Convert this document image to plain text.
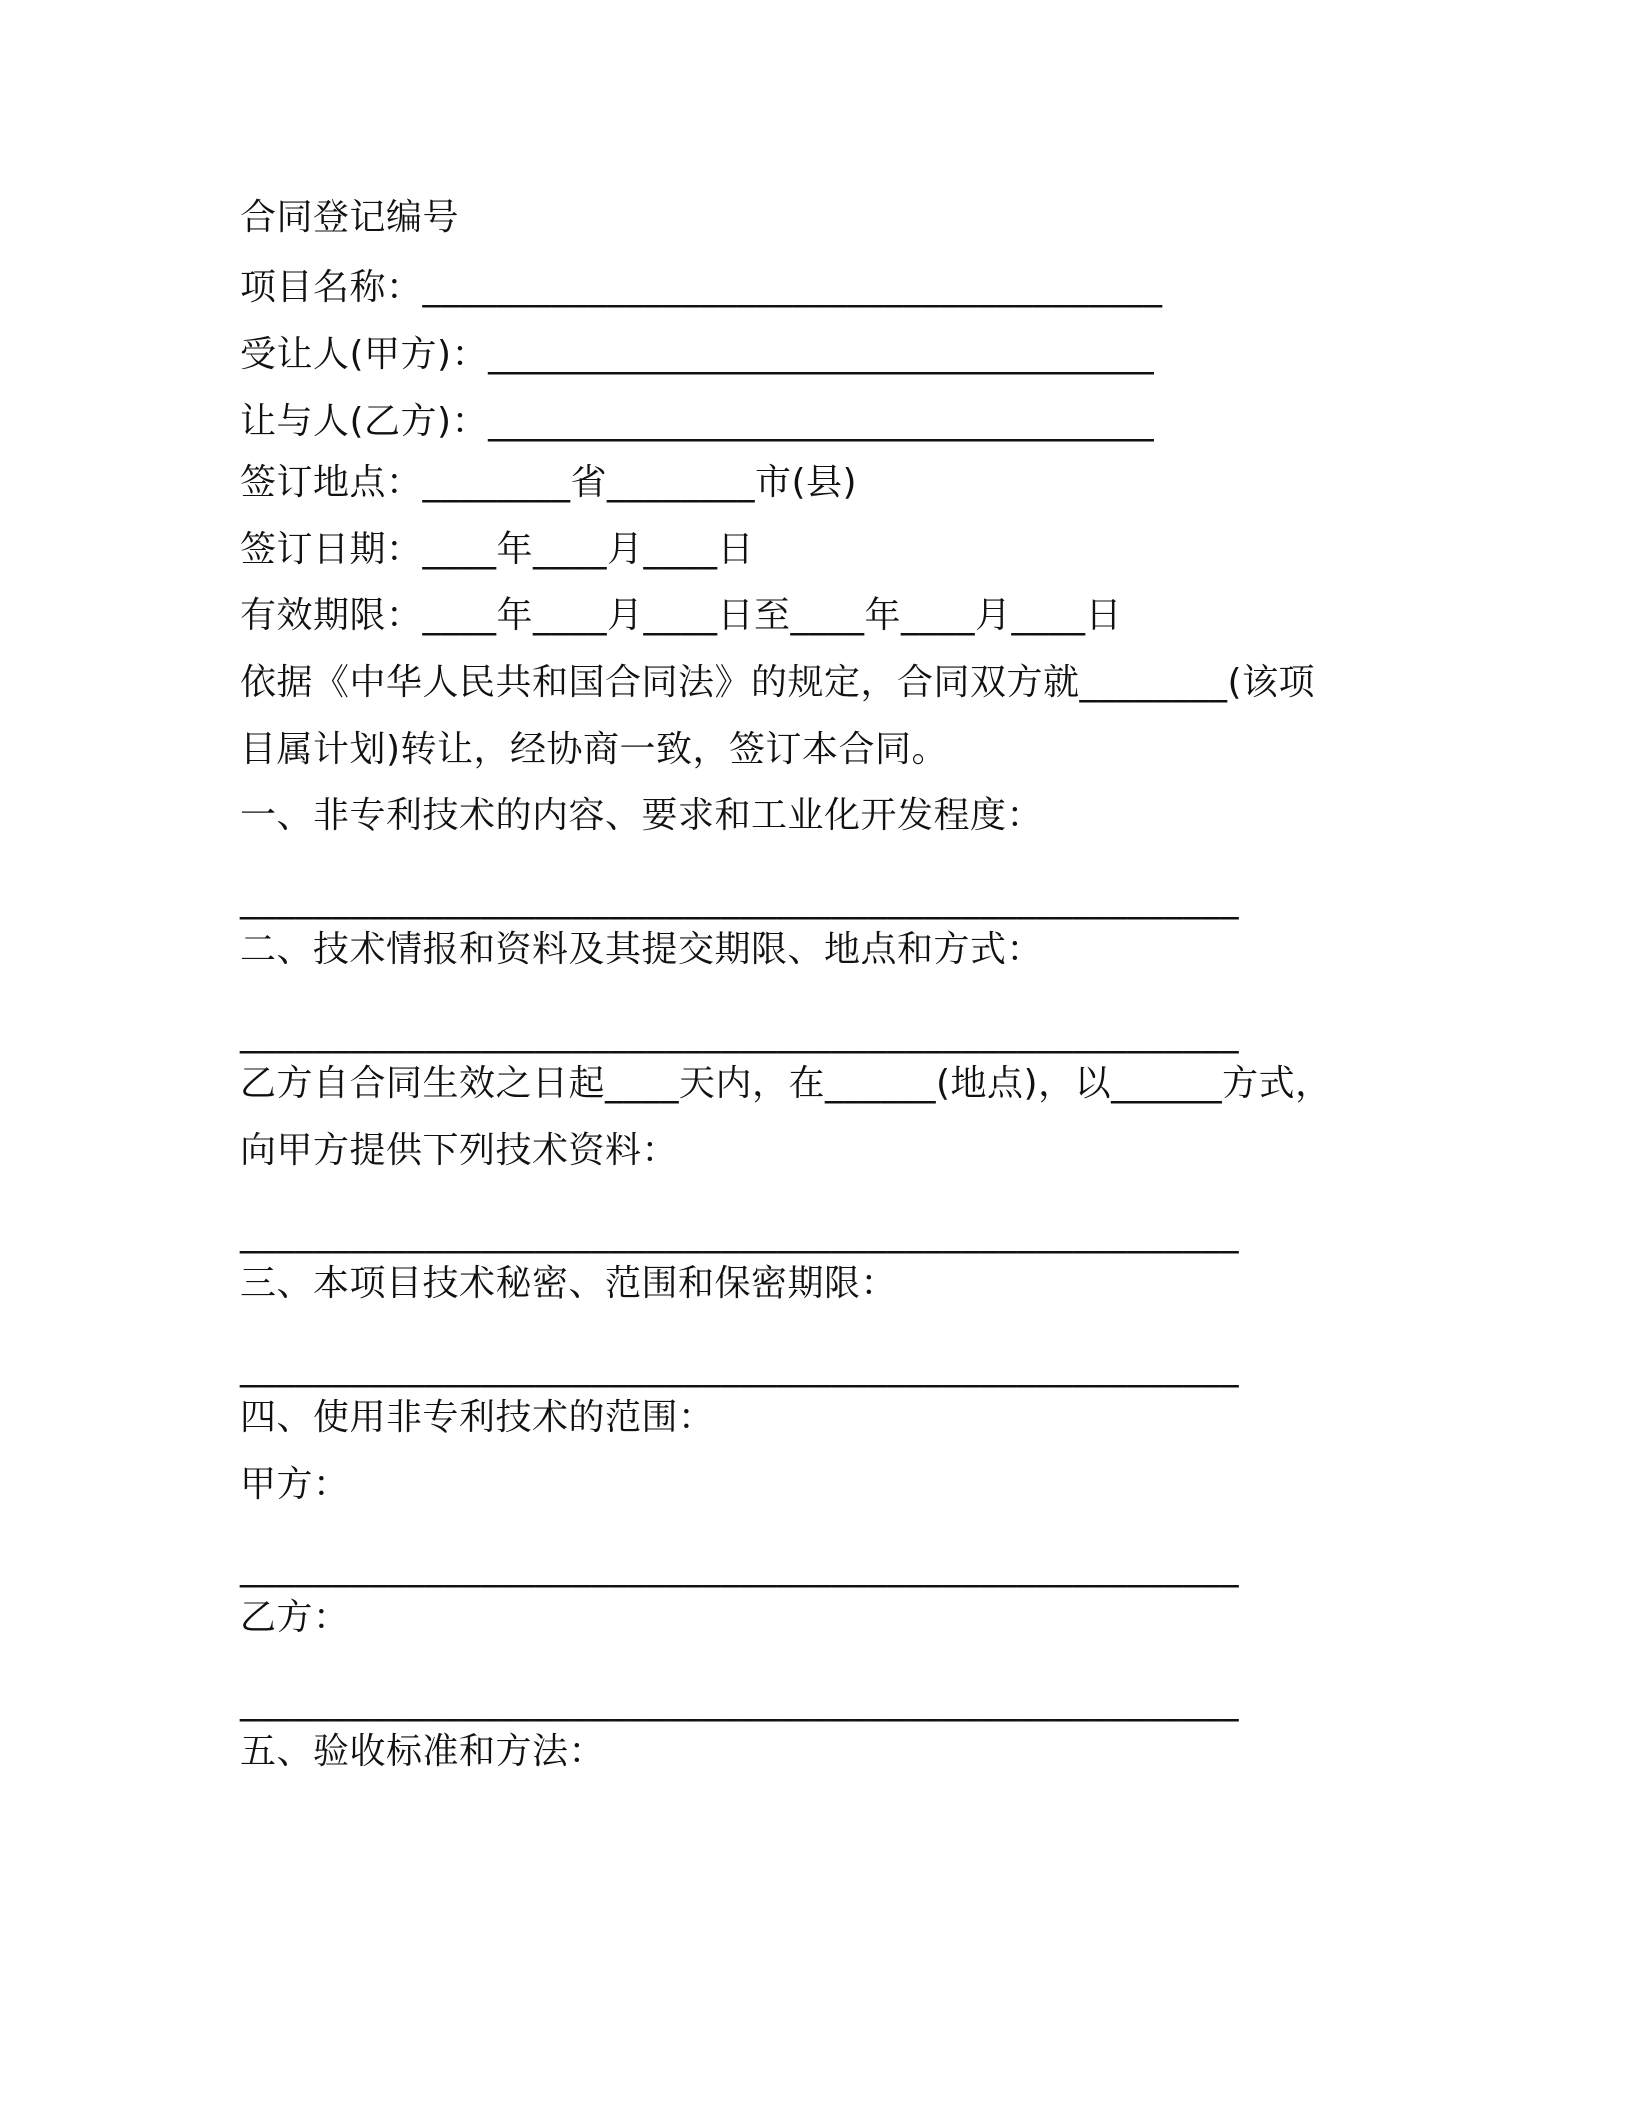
合同登记编号
项目名称：________________________________________
受让人(甲方)：____________________________________
让与人(乙方)：____________________________________
签订地点：________省________市(县)
签订日期：____年____月____日
有效期限：____年____月____日至____年____月____日
依据《中华人民共和国合同法》的规定，合同双方就________(该项
目属计划)转让，经协商一致，签订本合同。
一、非专利技术的内容、要求和工业化开发程度：
______________________________________________________
二、技术情报和资料及其提交期限、地点和方式：
______________________________________________________
乙方自合同生效之日起____天内，在______(地点)，以______方式，
向甲方提供下列技术资料：
______________________________________________________
三、本项目技术秘密、范围和保密期限：
______________________________________________________
四、使用非专利技术的范围：
甲方：
______________________________________________________
乙方：
______________________________________________________
五、验收标准和方法：
